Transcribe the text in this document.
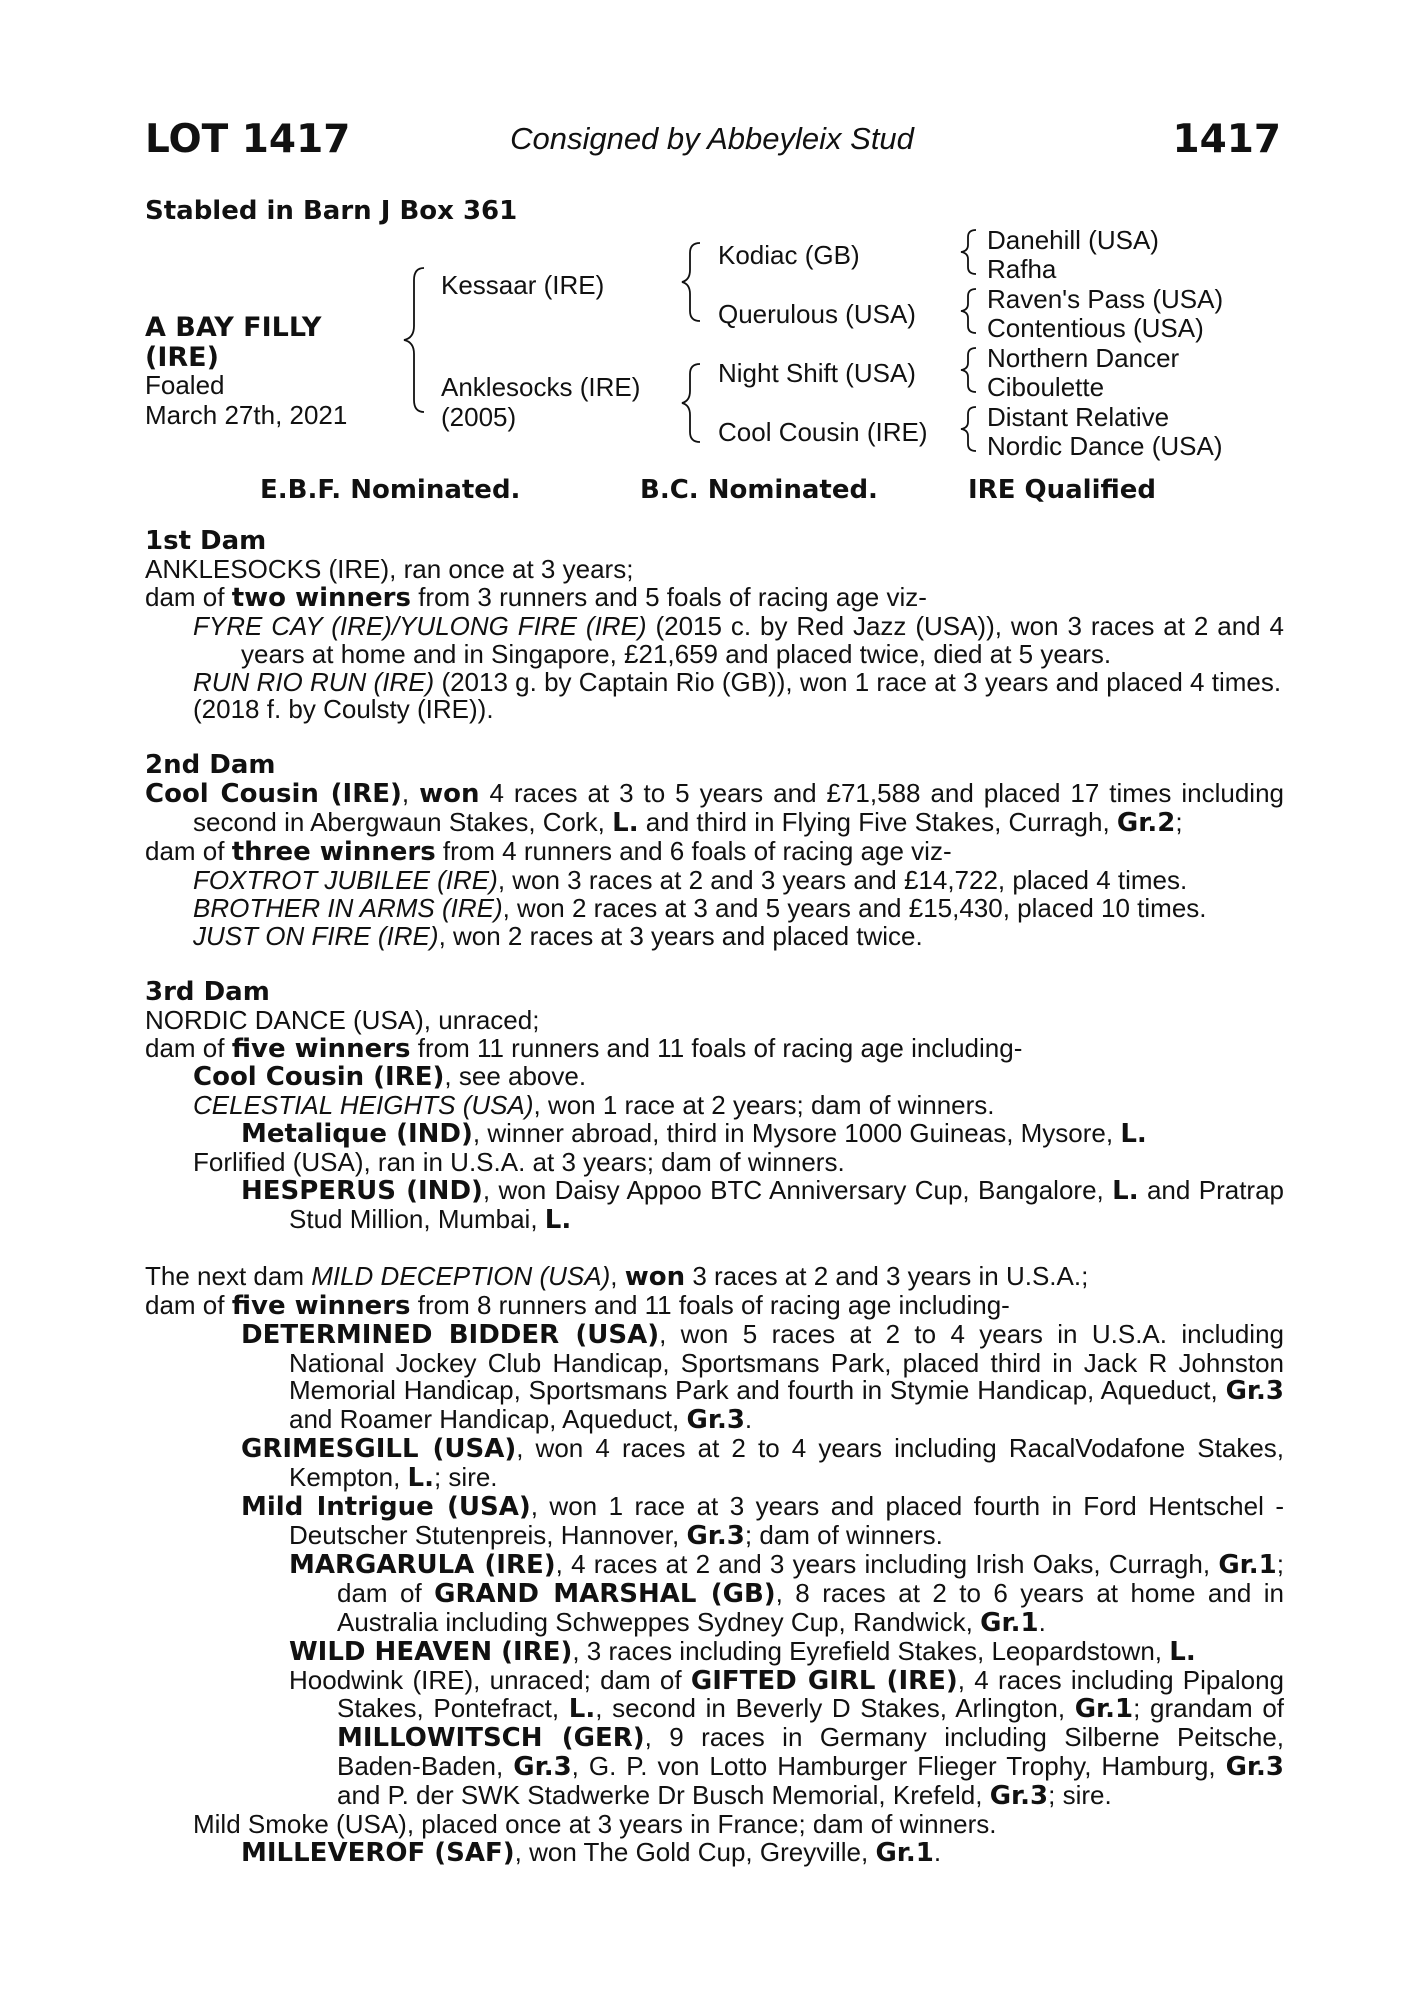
LOT 1417	Consigned by Abbeyleix Stud	1417
Stabled in Barn J Box 361
A BAY FILLY
(IRE)
Foaled
March 27th, 2021
Kessaar (IRE)
Anklesocks (IRE)
(2005)
Kodiac (GB)
Querulous (USA)
Night Shift (USA)
Cool Cousin (IRE)
Danehill (USA)
Rafha
Raven's Pass (USA)
Contentious (USA)
Northern Dancer
Ciboulette
Distant Relative
Nordic Dance (USA)
E.B.F. Nominated.	B.C. Nominated.	IRE Qualified

1st Dam

ANKLESOCKS (IRE), ran once at 3 years;

dam of two winners from 3 runners and 5 foals of racing age viz-

FYRE CAY (IRE)/YULONG FIRE (IRE) (2015 c. by Red Jazz (USA)), won 3 races at 2 and 4 years at home and in Singapore, £21,659 and placed twice, died at 5 years.

RUN RIO RUN (IRE) (2013 g. by Captain Rio (GB)), won 1 race at 3 years and placed 4 times.

(2018 f. by Coulsty (IRE)).

2nd Dam

Cool Cousin (IRE), won 4 races at 3 to 5 years and £71,588 and placed 17 times including second in Abergwaun Stakes, Cork, L. and third in Flying Five Stakes, Curragh, Gr.2;

dam of three winners from 4 runners and 6 foals of racing age viz-

FOXTROT JUBILEE (IRE), won 3 races at 2 and 3 years and £14,722, placed 4 times.

BROTHER IN ARMS (IRE), won 2 races at 3 and 5 years and £15,430, placed 10 times.

JUST ON FIRE (IRE), won 2 races at 3 years and placed twice.

3rd Dam

NORDIC DANCE (USA), unraced;

dam of five winners from 11 runners and 11 foals of racing age including-

Cool Cousin (IRE), see above.

CELESTIAL HEIGHTS (USA), won 1 race at 2 years; dam of winners.

Metalique (IND), winner abroad, third in Mysore 1000 Guineas, Mysore, L.

Forlified (USA), ran in U.S.A. at 3 years; dam of winners.

HESPERUS (IND), won Daisy Appoo BTC Anniversary Cup, Bangalore, L. and Pratrap Stud Million, Mumbai, L.

The next dam MILD DECEPTION (USA), won 3 races at 2 and 3 years in U.S.A.;

dam of five winners from 8 runners and 11 foals of racing age including-

DETERMINED BIDDER (USA), won 5 races at 2 to 4 years in U.S.A. including National Jockey Club Handicap, Sportsmans Park, placed third in Jack R Johnston Memorial Handicap, Sportsmans Park and fourth in Stymie Handicap, Aqueduct, Gr.3 and Roamer Handicap, Aqueduct, Gr.3.

GRIMESGILL (USA), won 4 races at 2 to 4 years including RacalVodafone Stakes, Kempton, L.; sire.

Mild Intrigue (USA), won 1 race at 3 years and placed fourth in Ford Hentschel - Deutscher Stutenpreis, Hannover, Gr.3; dam of winners.

MARGARULA (IRE), 4 races at 2 and 3 years including Irish Oaks, Curragh, Gr.1; dam of GRAND MARSHAL (GB), 8 races at 2 to 6 years at home and in Australia including Schweppes Sydney Cup, Randwick, Gr.1.

WILD HEAVEN (IRE), 3 races including Eyrefield Stakes, Leopardstown, L.

Hoodwink (IRE), unraced; dam of GIFTED GIRL (IRE), 4 races including Pipalong Stakes, Pontefract, L., second in Beverly D Stakes, Arlington, Gr.1; grandam of MILLOWITSCH (GER), 9 races in Germany including Silberne Peitsche, Baden-Baden, Gr.3, G. P. von Lotto Hamburger Flieger Trophy, Hamburg, Gr.3 and P. der SWK Stadwerke Dr Busch Memorial, Krefeld, Gr.3; sire.

Mild Smoke (USA), placed once at 3 years in France; dam of winners.

MILLEVEROF (SAF), won The Gold Cup, Greyville, Gr.1.
